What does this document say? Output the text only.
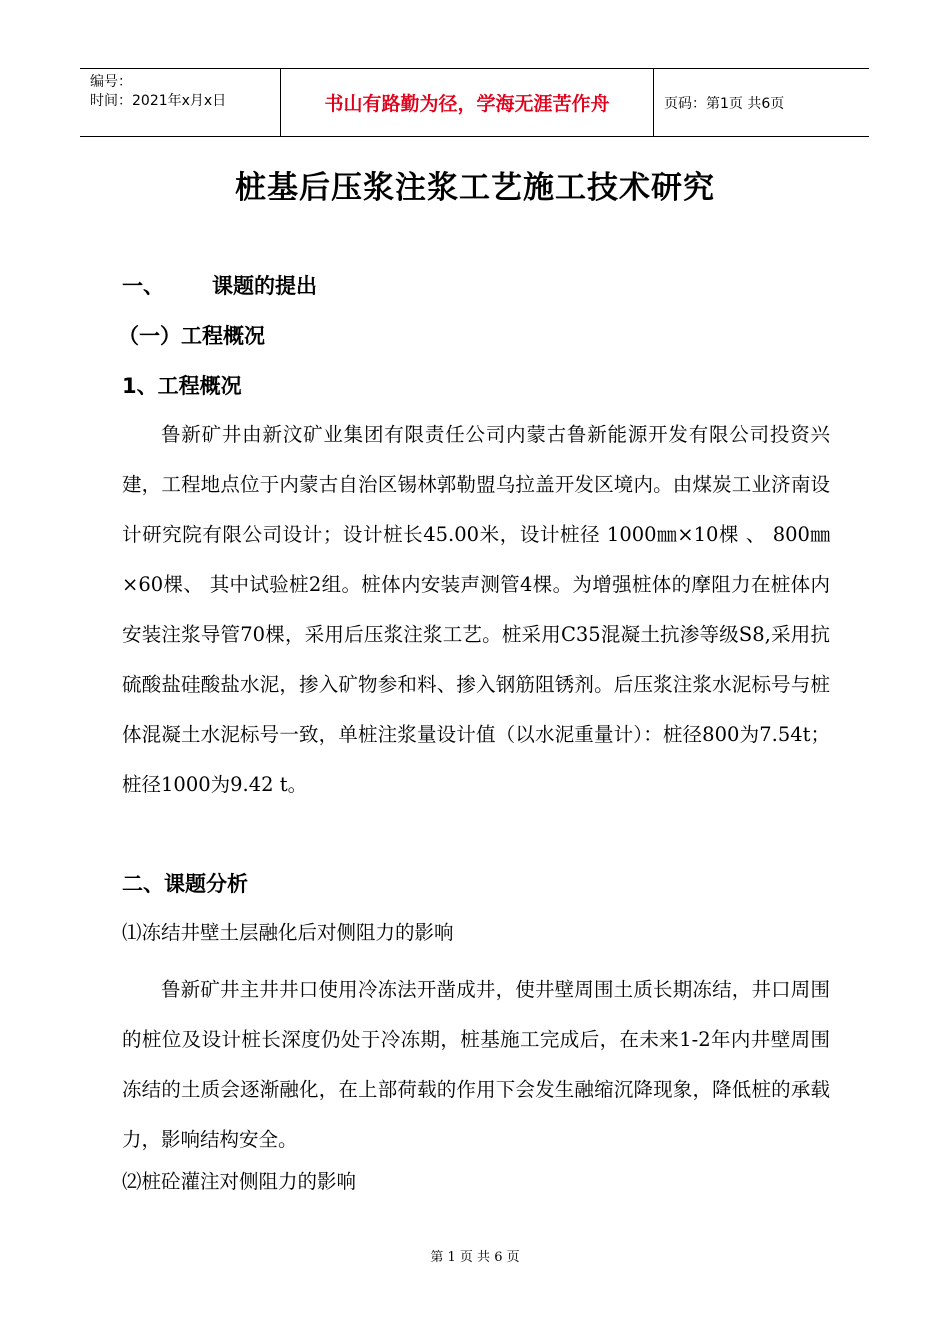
编号：
时间：2021年x月x日	书山有路勤为径，学海无涯苦作舟	页码：第1页 共6页
桩基后压浆注浆工艺施工技术研究
一、 课题的提出
（一）工程概况
1、工程概况

鲁新矿井由新汶矿业集团有限责任公司内蒙古鲁新能源开发有限公司投资兴建，工程地点位于内蒙古自治区锡林郭勒盟乌拉盖开发区境内。由煤炭工业济南设计研究院有限公司设计；设计桩长45.00米，设计桩径 1000㎜×10棵 、 800㎜×60棵、 其中试验桩2组。桩体内安装声测管4棵。为增强桩体的摩阻力在桩体内安装注浆导管70棵，采用后压浆注浆工艺。桩采用C35混凝土抗渗等级S8,采用抗硫酸盐硅酸盐水泥，掺入矿物参和料、掺入钢筋阻锈剂。后压浆注浆水泥标号与桩体混凝土水泥标号一致，单桩注浆量设计值（以水泥重量计）：桩径800为7.54t；桩径1000为9.42 t。

二、课题分析

⑴冻结井壁土层融化后对侧阻力的影响

鲁新矿井主井井口使用冷冻法开凿成井，使井壁周围土质长期冻结，井口周围的桩位及设计桩长深度仍处于冷冻期，桩基施工完成后，在未来1-2年内井壁周围冻结的土质会逐渐融化，在上部荷载的作用下会发生融缩沉降现象，降低桩的承载力，影响结构安全。

⑵桩砼灌注对侧阻力的影响

第 1 页 共 6 页
